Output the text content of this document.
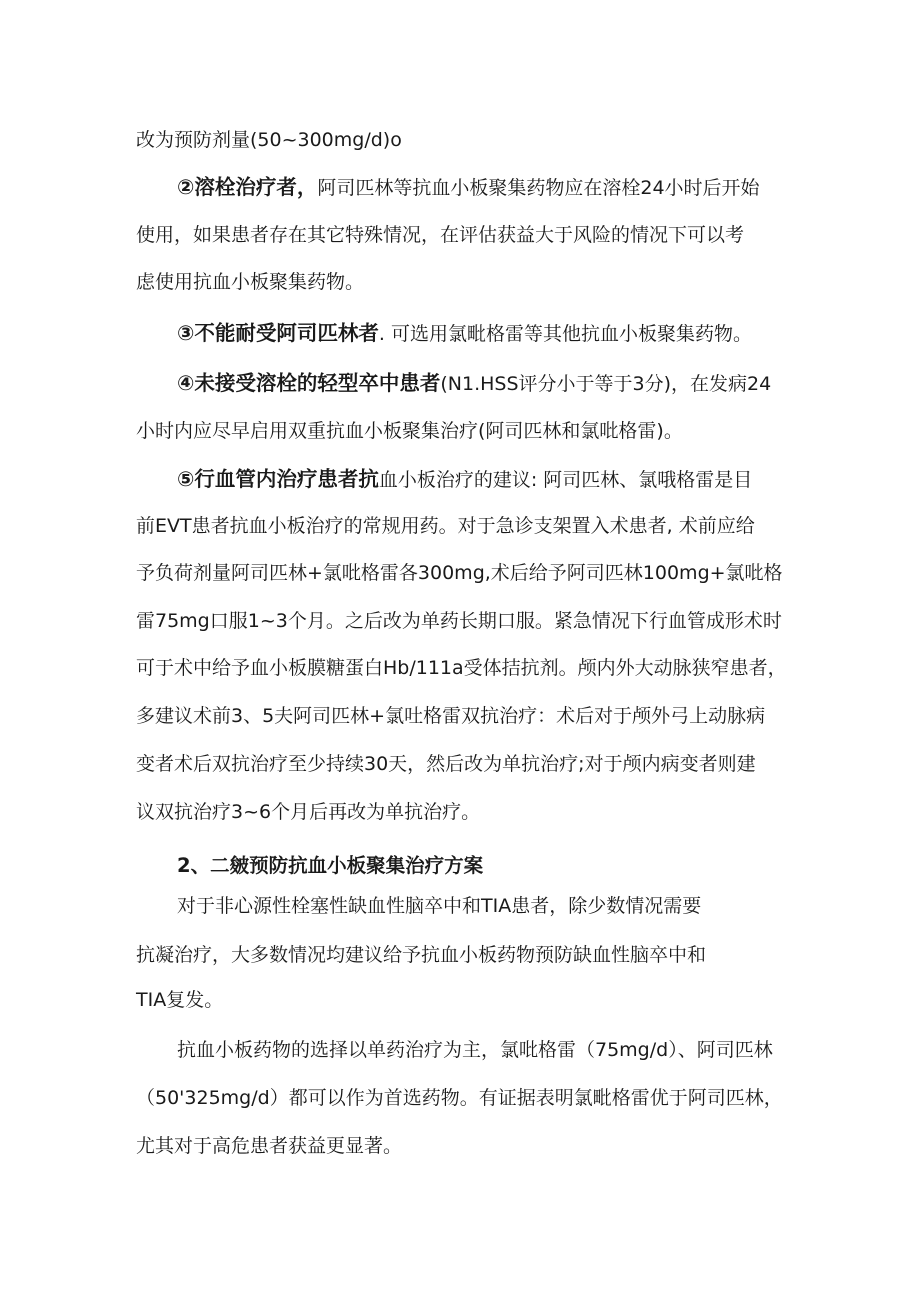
改为预防剂量(50~300mg/d)o
②溶栓治疗者，阿司匹林等抗血小板聚集药物应在溶栓24小时后开始
使用，如果患者存在其它特殊情况，在评估获益大于风险的情况下可以考
虑使用抗血小板聚集药物。
③不能耐受阿司匹林者. 可选用氯毗格雷等其他抗血小板聚集药物。
④未接受溶栓的轻型卒中患者(N1.HSS评分小于等于3分)，在发病24
小时内应尽早启用双重抗血小板聚集治疗(阿司匹林和氯吡格雷)。
⑤行血管内治疗患者抗血小板治疗的建议: 阿司匹林、氯哦格雷是目
前EVT患者抗血小板治疗的常规用药。对于急诊支架置入术患者, 术前应给
予负荷剂量阿司匹林+氯吡格雷各300mg,术后给予阿司匹林100mg+氯吡格
雷75mg口服1~3个月。之后改为单药长期口服。紧急情况下行血管成形术时
可于术中给予血小板膜糖蛋白Hb/111a受体拮抗剂。颅内外大动脉狭窄患者，
多建议术前3、5夫阿司匹林+氯吐格雷双抗治疗：术后对于颅外弓上动脉病
变者术后双抗治疗至少持续30天，然后改为单抗治疗;对于颅内病变者则建
议双抗治疗3~6个月后再改为单抗治疗。
2、二皴预防抗血小板聚集治疗方案
对于非心源性栓塞性缺血性脑卒中和TIA患者，除少数情况需要
抗凝治疗，大多数情况均建议给予抗血小板药物预防缺血性脑卒中和
TIA复发。
抗血小板药物的选择以单药治疗为主，氯吡格雷（75mg/d）、阿司匹林
（50'325mg/d）都可以作为首选药物。有证据表明氯毗格雷优于阿司匹林，
尤其对于高危患者获益更显著。
